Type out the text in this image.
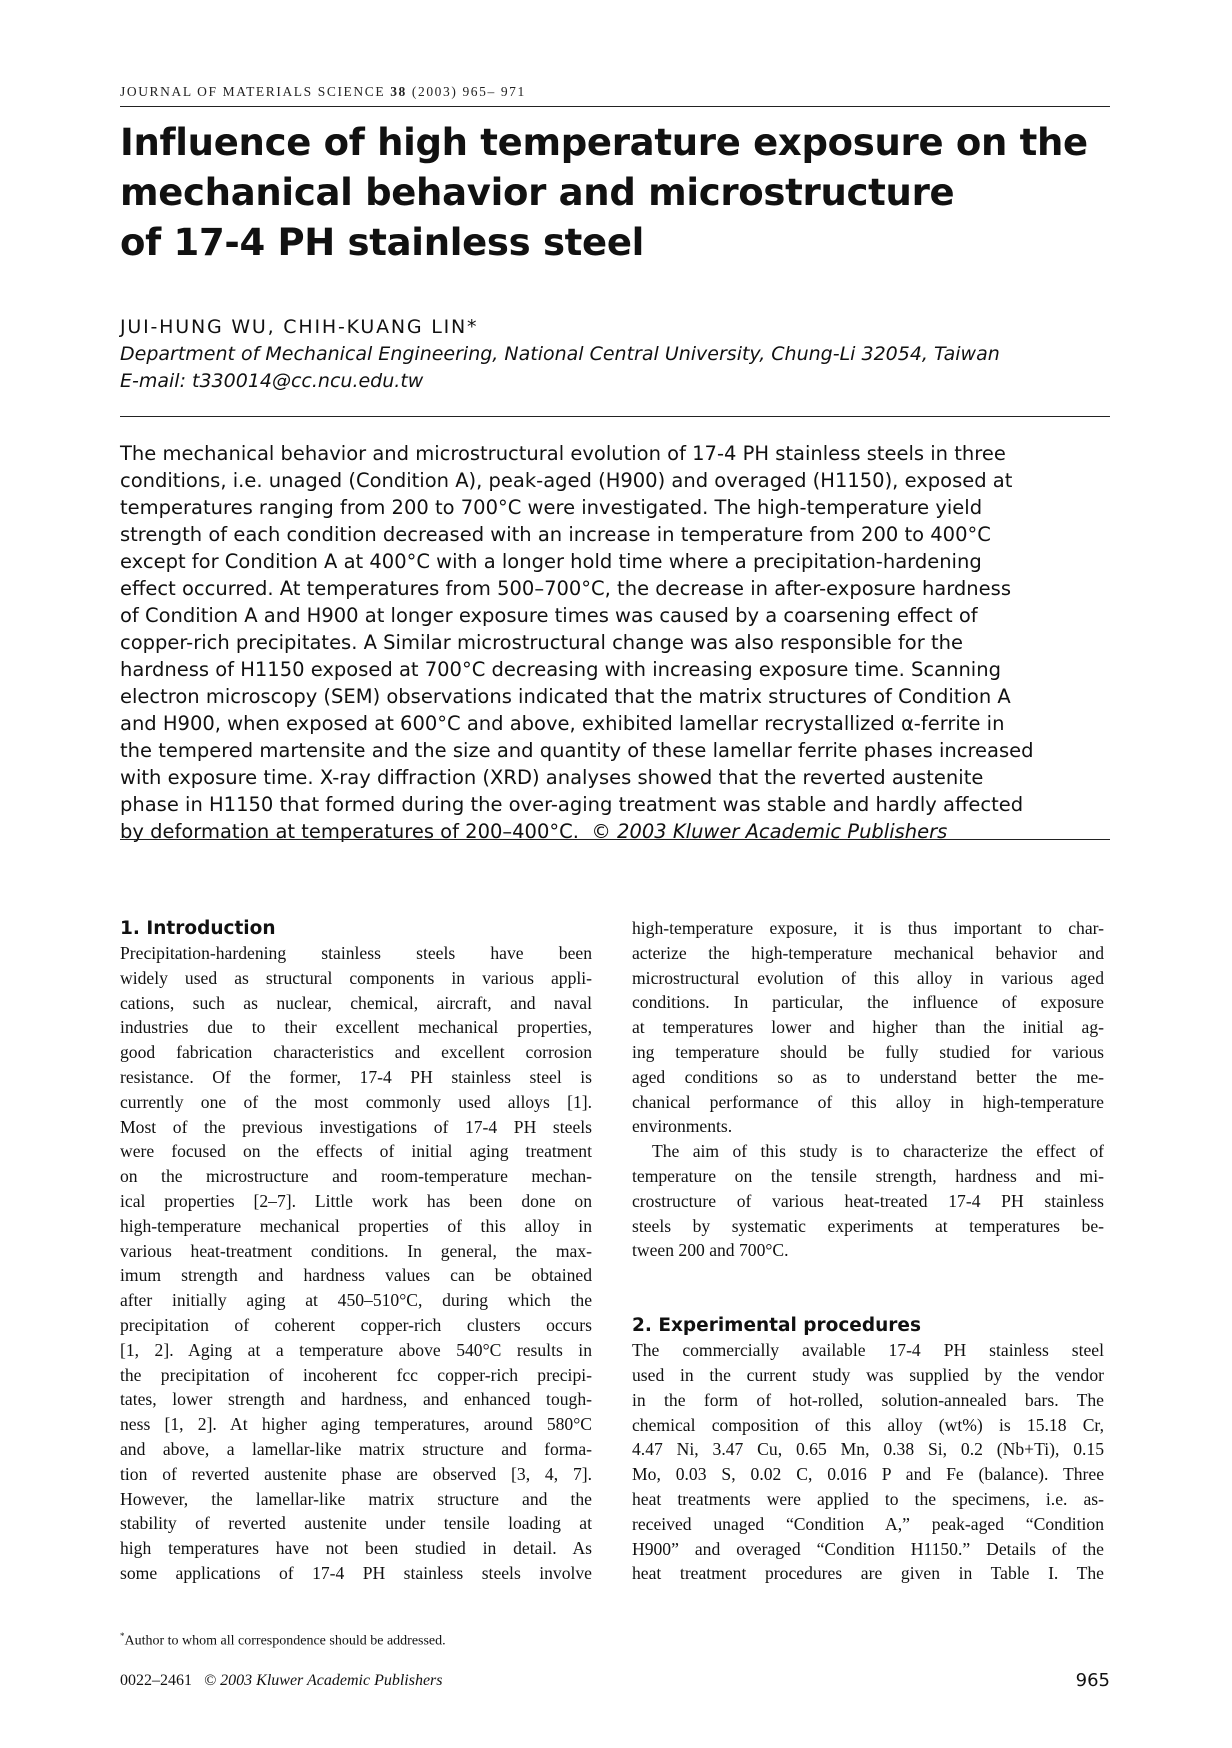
JOURNAL OF MATERIALS SCIENCE 38 (2003) 965– 971
Influence of high temperature exposure on the
mechanical behavior and microstructure
of 17-4 PH stainless steel
JUI-HUNG WU, CHIH-KUANG LIN*
Department of Mechanical Engineering, National Central University, Chung-Li 32054, Taiwan
E-mail: t330014@cc.ncu.edu.tw
The mechanical behavior and microstructural evolution of 17-4 PH stainless steels in three
conditions, i.e. unaged (Condition A), peak-aged (H900) and overaged (H1150), exposed at
temperatures ranging from 200 to 700°C were investigated. The high-temperature yield
strength of each condition decreased with an increase in temperature from 200 to 400°C
except for Condition A at 400°C with a longer hold time where a precipitation-hardening
effect occurred. At temperatures from 500–700°C, the decrease in after-exposure hardness
of Condition A and H900 at longer exposure times was caused by a coarsening effect of
copper-rich precipitates. A Similar microstructural change was also responsible for the
hardness of H1150 exposed at 700°C decreasing with increasing exposure time. Scanning
electron microscopy (SEM) observations indicated that the matrix structures of Condition A
and H900, when exposed at 600°C and above, exhibited lamellar recrystallized α-ferrite in
the tempered martensite and the size and quantity of these lamellar ferrite phases increased
with exposure time. X-ray diffraction (XRD) analyses showed that the reverted austenite
phase in H1150 that formed during the over-aging treatment was stable and hardly affected
by deformation at temperatures of 200–400°C. © 2003 Kluwer Academic Publishers
1. Introduction
Precipitation-hardening stainless steels have been
widely used as structural components in various appli-
cations, such as nuclear, chemical, aircraft, and naval
industries due to their excellent mechanical properties,
good fabrication characteristics and excellent corrosion
resistance. Of the former, 17-4 PH stainless steel is
currently one of the most commonly used alloys [1].
Most of the previous investigations of 17-4 PH steels
were focused on the effects of initial aging treatment
on the microstructure and room-temperature mechan-
ical properties [2–7]. Little work has been done on
high-temperature mechanical properties of this alloy in
various heat-treatment conditions. In general, the max-
imum strength and hardness values can be obtained
after initially aging at 450–510°C, during which the
precipitation of coherent copper-rich clusters occurs
[1, 2]. Aging at a temperature above 540°C results in
the precipitation of incoherent fcc copper-rich precipi-
tates, lower strength and hardness, and enhanced tough-
ness [1, 2]. At higher aging temperatures, around 580°C
and above, a lamellar-like matrix structure and forma-
tion of reverted austenite phase are observed [3, 4, 7].
However, the lamellar-like matrix structure and the
stability of reverted austenite under tensile loading at
high temperatures have not been studied in detail. As
some applications of 17-4 PH stainless steels involve
high-temperature exposure, it is thus important to char-
acterize the high-temperature mechanical behavior and
microstructural evolution of this alloy in various aged
conditions. In particular, the influence of exposure
at temperatures lower and higher than the initial ag-
ing temperature should be fully studied for various
aged conditions so as to understand better the me-
chanical performance of this alloy in high-temperature
environments.
The aim of this study is to characterize the effect of
temperature on the tensile strength, hardness and mi-
crostructure of various heat-treated 17-4 PH stainless
steels by systematic experiments at temperatures be-
tween 200 and 700°C.
2. Experimental procedures
The commercially available 17-4 PH stainless steel
used in the current study was supplied by the vendor
in the form of hot-rolled, solution-annealed bars. The
chemical composition of this alloy (wt%) is 15.18 Cr,
4.47 Ni, 3.47 Cu, 0.65 Mn, 0.38 Si, 0.2 (Nb+Ti), 0.15
Mo, 0.03 S, 0.02 C, 0.016 P and Fe (balance). Three
heat treatments were applied to the specimens, i.e. as-
received unaged “Condition A,” peak-aged “Condition
H900” and overaged “Condition H1150.” Details of the
heat treatment procedures are given in Table I. The
*Author to whom all correspondence should be addressed.
0022–2461 © 2003 Kluwer Academic Publishers	965
